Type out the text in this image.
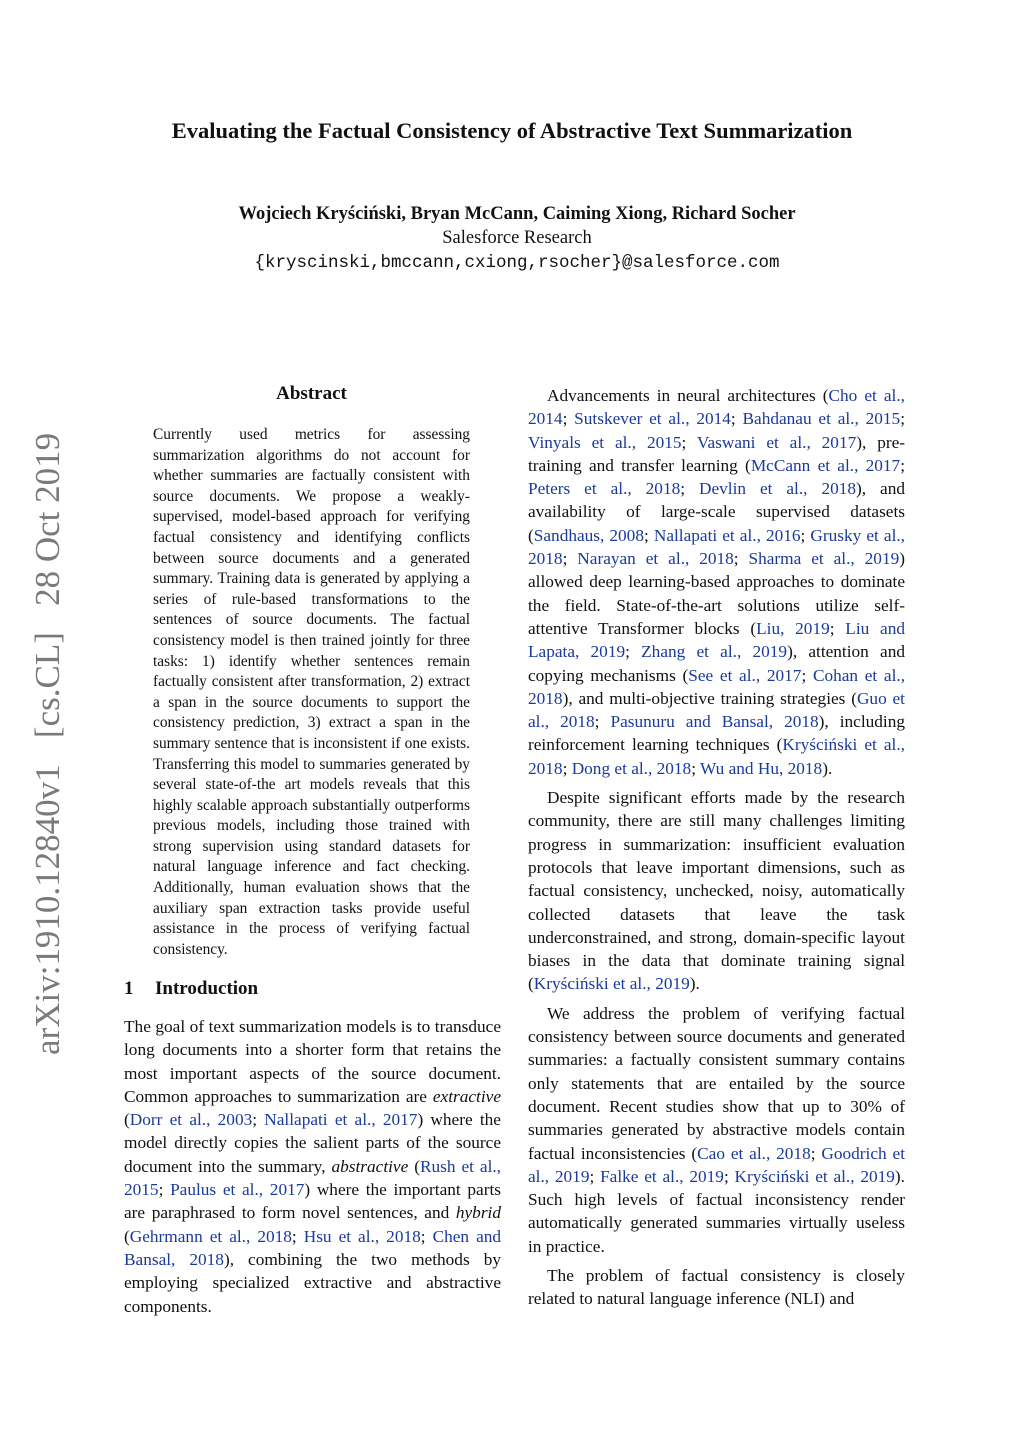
Evaluating the Factual Consistency of Abstractive Text Summarization
Wojciech Kryściński, Bryan McCann, Caiming Xiong, Richard Socher
Salesforce Research
{kryscinski,bmccann,cxiong,rsocher}@salesforce.com
arXiv:1910.12840v1   [cs.CL]   28 Oct 2019
Abstract
Currently used metrics for assessing summarization algorithms do not account for whether summaries are factually consistent with source documents. We propose a weakly-supervised, model-based approach for verifying factual consistency and identifying conflicts between source documents and a generated summary. Training data is generated by applying a series of rule-based transformations to the sentences of source documents. The factual consistency model is then trained jointly for three tasks: 1) identify whether sentences remain factually consistent after transformation, 2) extract a span in the source documents to support the consistency prediction, 3) extract a span in the summary sentence that is inconsistent if one exists. Transferring this model to summaries generated by several state-of-the art models reveals that this highly scalable approach substantially outperforms previous models, including those trained with strong supervision using standard datasets for natural language inference and fact checking. Additionally, human evaluation shows that the auxiliary span extraction tasks provide useful assistance in the process of verifying factual consistency.
1 Introduction

The goal of text summarization models is to transduce long documents into a shorter form that retains the most important aspects of the source document. Common approaches to summarization are extractive (Dorr et al., 2003; Nallapati et al., 2017) where the model directly copies the salient parts of the source document into the summary, abstractive (Rush et al., 2015; Paulus et al., 2017) where the important parts are paraphrased to form novel sentences, and hybrid (Gehrmann et al., 2018; Hsu et al., 2018; Chen and Bansal, 2018), combining the two methods by employing specialized extractive and abstractive components.

Advancements in neural architectures (Cho et al., 2014; Sutskever et al., 2014; Bahdanau et al., 2015; Vinyals et al., 2015; Vaswani et al., 2017), pre-training and transfer learning (McCann et al., 2017; Peters et al., 2018; Devlin et al., 2018), and availability of large-scale supervised datasets (Sandhaus, 2008; Nallapati et al., 2016; Grusky et al., 2018; Narayan et al., 2018; Sharma et al., 2019) allowed deep learning-based approaches to dominate the field. State-of-the-art solutions utilize self-attentive Transformer blocks (Liu, 2019; Liu and Lapata, 2019; Zhang et al., 2019), attention and copying mechanisms (See et al., 2017; Cohan et al., 2018), and multi-objective training strategies (Guo et al., 2018; Pasunuru and Bansal, 2018), including reinforcement learning techniques (Kryściński et al., 2018; Dong et al., 2018; Wu and Hu, 2018).

Despite significant efforts made by the research community, there are still many challenges limiting progress in summarization: insufficient evaluation protocols that leave important dimensions, such as factual consistency, unchecked, noisy, automatically collected datasets that leave the task underconstrained, and strong, domain-specific layout biases in the data that dominate training signal (Kryściński et al., 2019).

We address the problem of verifying factual consistency between source documents and generated summaries: a factually consistent summary contains only statements that are entailed by the source document. Recent studies show that up to 30% of summaries generated by abstractive models contain factual inconsistencies (Cao et al., 2018; Goodrich et al., 2019; Falke et al., 2019; Kryściński et al., 2019). Such high levels of factual inconsistency render automatically generated summaries virtually useless in practice.

The problem of factual consistency is closely related to natural language inference (NLI) and
